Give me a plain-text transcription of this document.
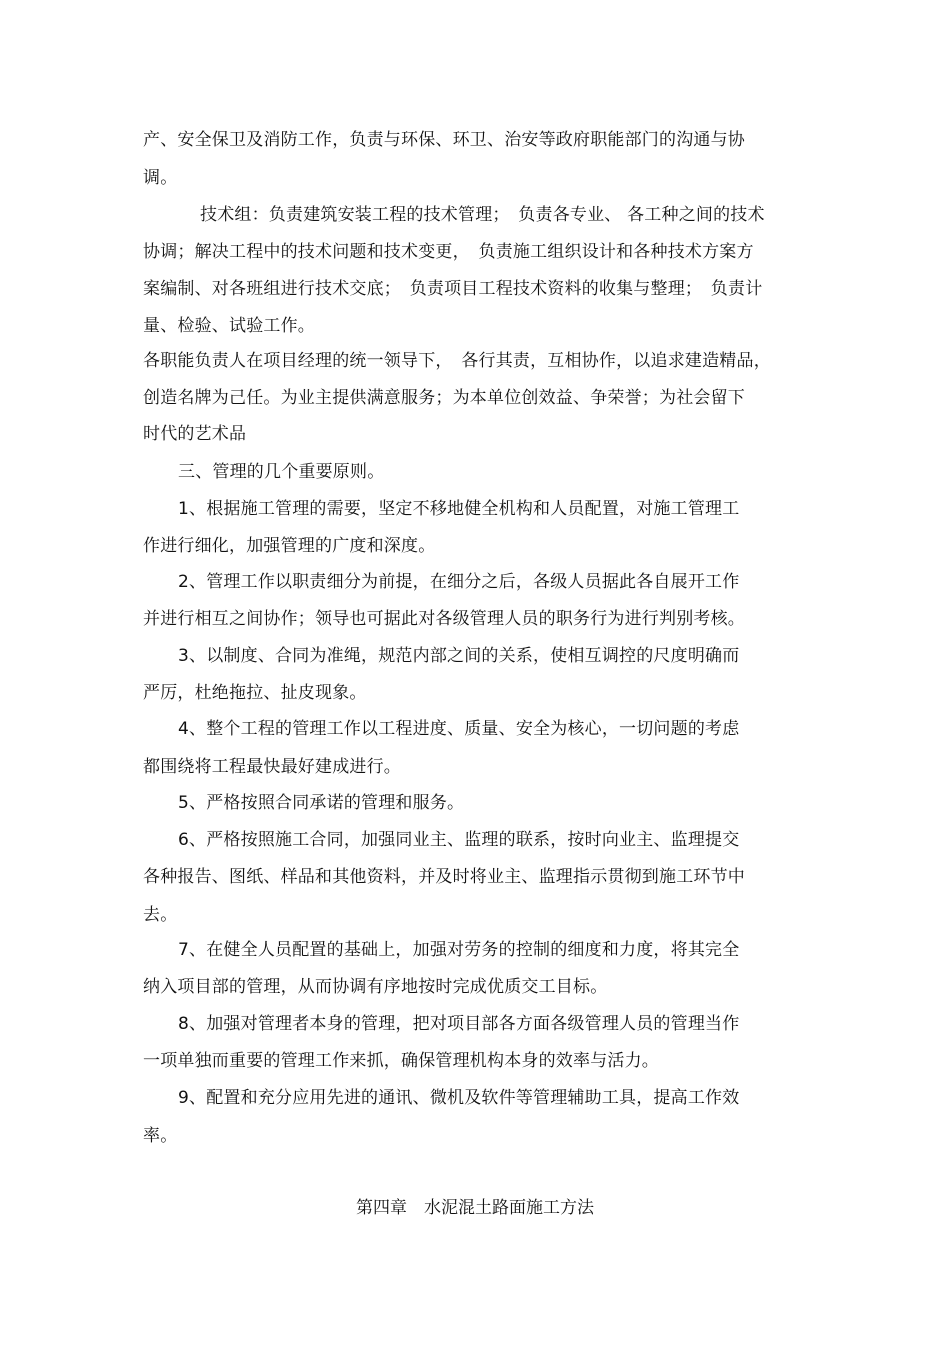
产、安全保卫及消防工作，负责与环保、环卫、治安等政府职能部门的沟通与协
调。
技术组：负责建筑安装工程的技术管理；　负责各专业、 各工种之间的技术
协调；解决工程中的技术问题和技术变更，　负责施工组织设计和各种技术方案方
案编制、对各班组进行技术交底；　负责项目工程技术资料的收集与整理；　负责计
量、检验、试验工作。
各职能负责人在项目经理的统一领导下，　各行其责，互相协作，以追求建造精品，
创造名牌为己任。为业主提供满意服务；为本单位创效益、争荣誉；为社会留下
时代的艺术品
三、管理的几个重要原则。
1、根据施工管理的需要，坚定不移地健全机构和人员配置，对施工管理工
作进行细化，加强管理的广度和深度。
2、管理工作以职责细分为前提，在细分之后，各级人员据此各自展开工作
并进行相互之间协作；领导也可据此对各级管理人员的职务行为进行判别考核。
3、以制度、合同为准绳，规范内部之间的关系，使相互调控的尺度明确而
严厉，杜绝拖拉、扯皮现象。
4、整个工程的管理工作以工程进度、质量、安全为核心，一切问题的考虑
都围绕将工程最快最好建成进行。
5、严格按照合同承诺的管理和服务。
6、严格按照施工合同，加强同业主、监理的联系，按时向业主、监理提交
各种报告、图纸、样品和其他资料，并及时将业主、监理指示贯彻到施工环节中
去。
7、在健全人员配置的基础上，加强对劳务的控制的细度和力度，将其完全
纳入项目部的管理，从而协调有序地按时完成优质交工目标。
8、加强对管理者本身的管理，把对项目部各方面各级管理人员的管理当作
一项单独而重要的管理工作来抓，确保管理机构本身的效率与活力。
9、配置和充分应用先进的通讯、微机及软件等管理辅助工具，提高工作效
率。
第四章　水泥混土路面施工方法
